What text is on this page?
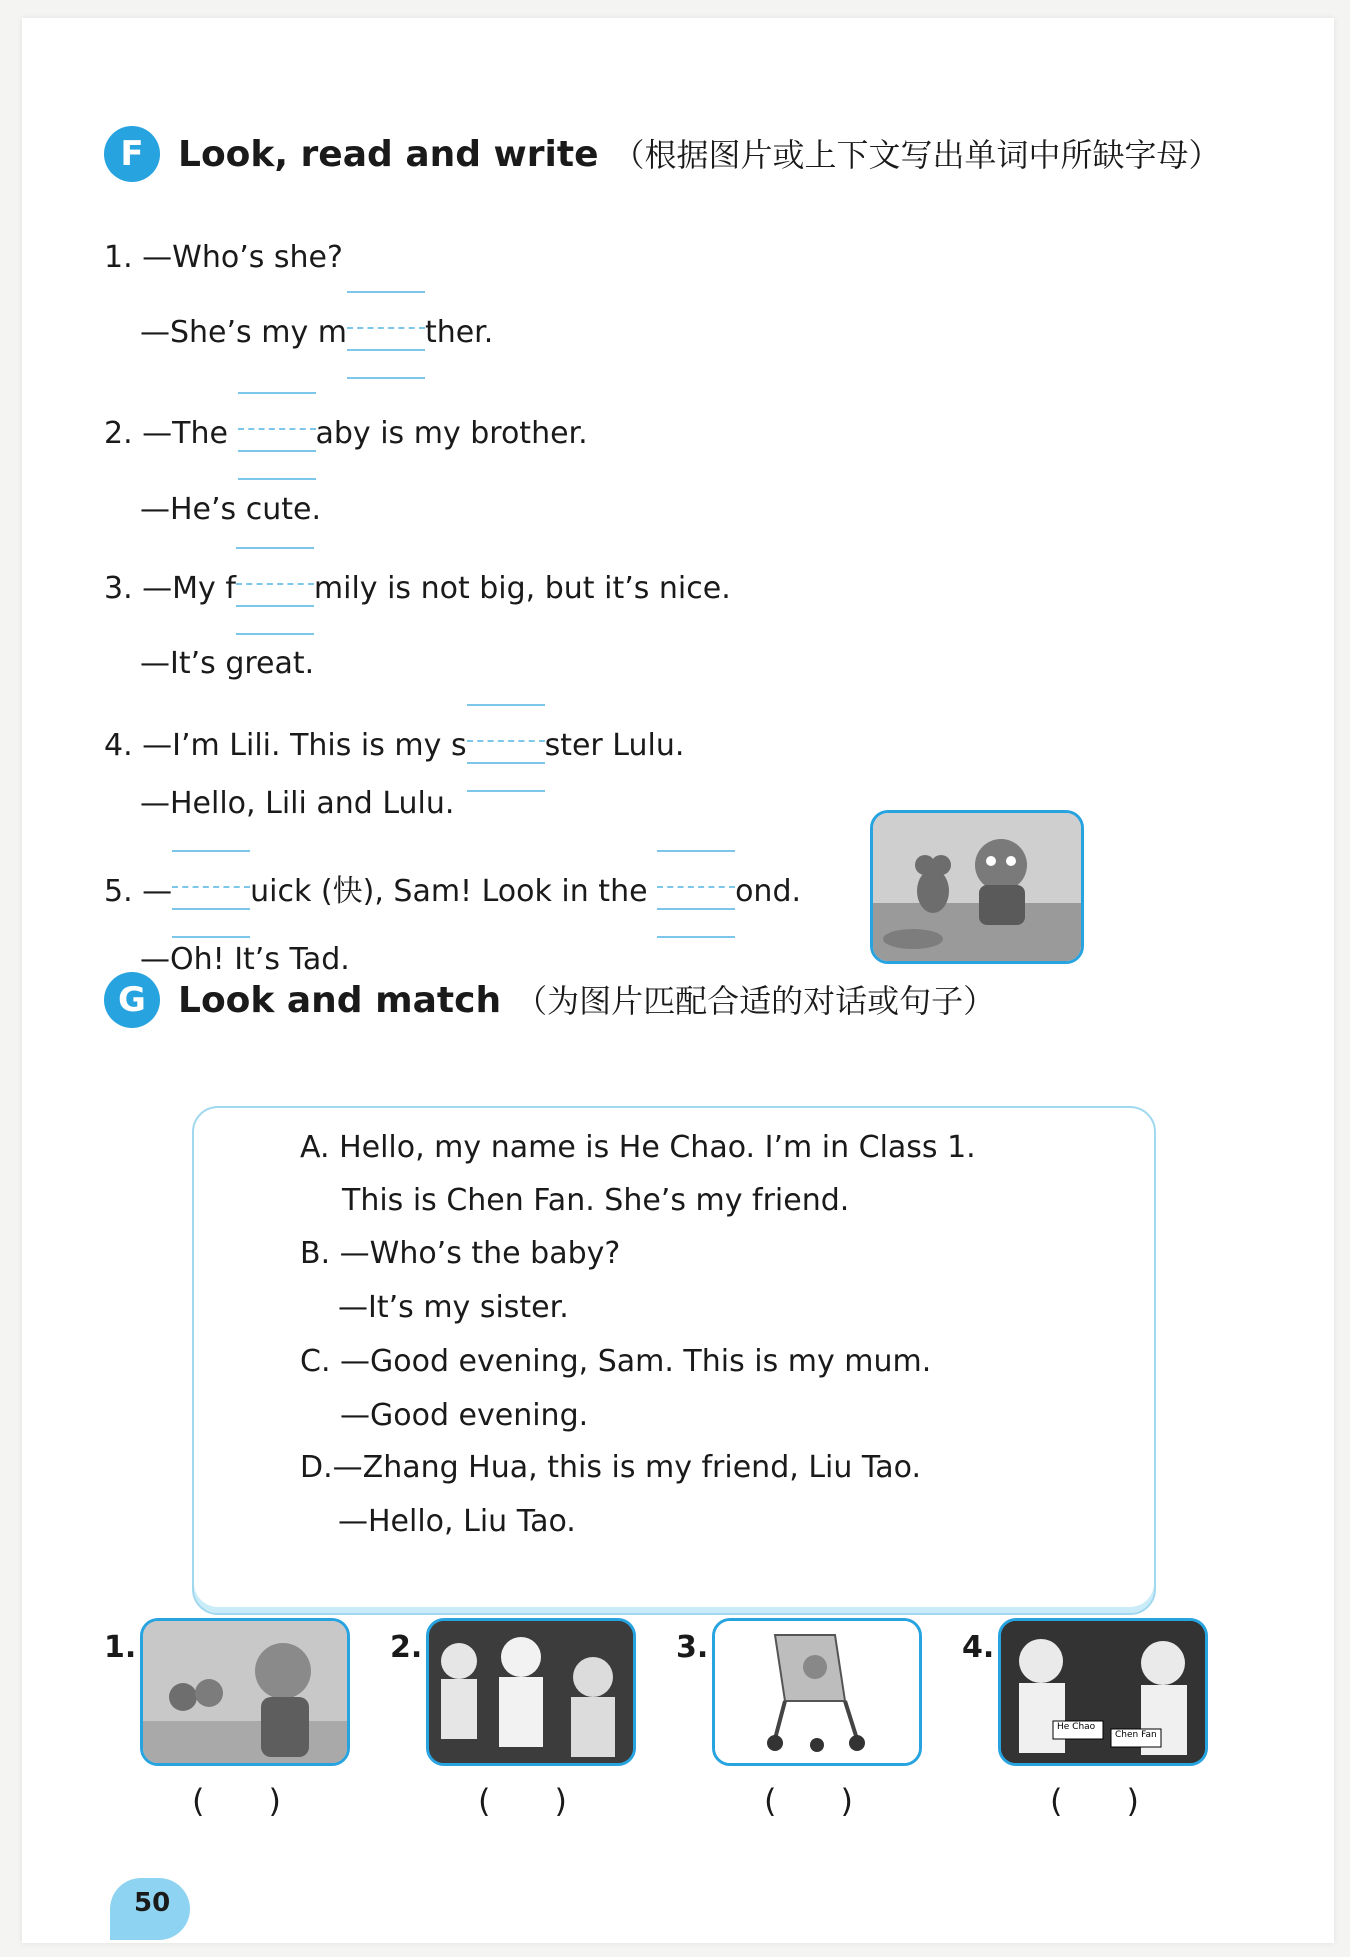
F Look, read and write （根据图片或上下文写出单词中所缺字母）
1. —Who’s she?
—She’s my m	ther.
2. —The	aby is my brother.
—He’s cute.
3. —My f	mily is not big, but it’s nice.
—It’s great.
4. —I’m Lili. This is my s	ster Lulu.
—Hello, Lili and Lulu.
5. —	uick (快), Sam! Look in the	ond.
—Oh! It’s Tad.
G Look and match （为图片匹配合适的对话或句子）
A. Hello, my name is He Chao. I’m in Class 1.
This is Chen Fan. She’s my friend.
B. —Who’s the baby?
—It’s my sister.
C. —Good evening, Sam. This is my mum.
—Good evening.
D.—Zhang Hua, this is my friend, Liu Tao.
—Hello, Liu Tao.
1.
(　　)
2.
(　　)
3.
(　　)
4.
He Chao
Chen Fan
(　　)
50
